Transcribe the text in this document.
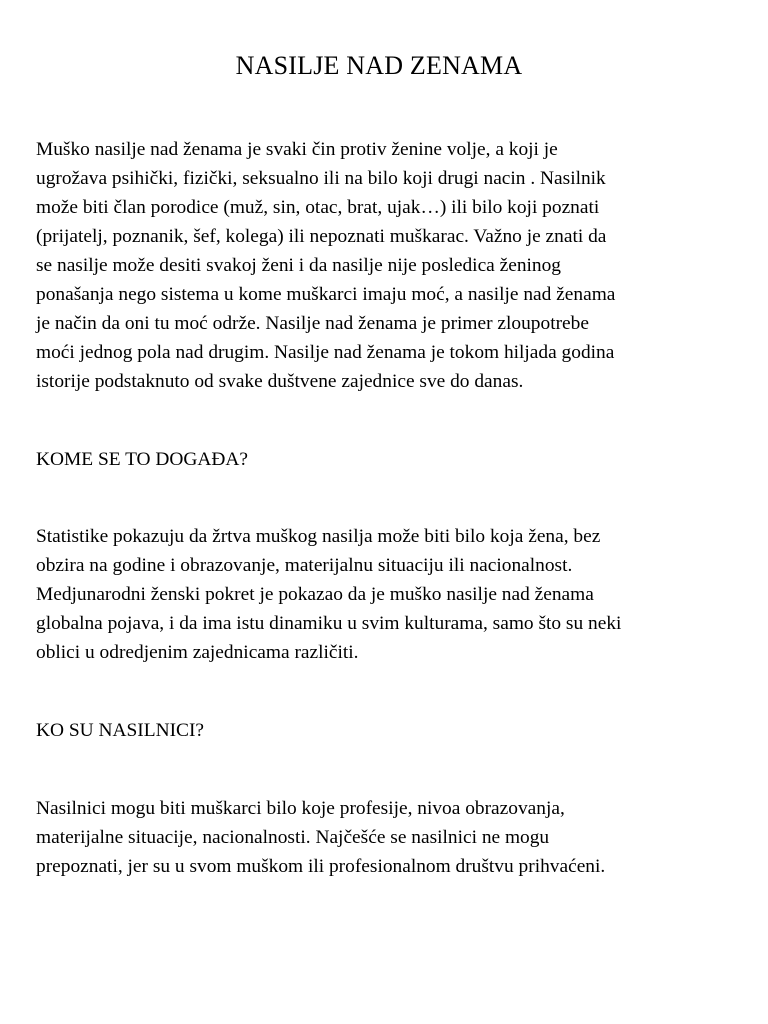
NASILJE NAD ZENAMA
Muško nasilje nad ženama je svaki čin protiv ženine volje, a koji je
ugrožava psihički, fizički, seksualno ili na bilo koji drugi nacin . Nasilnik
može biti član porodice (muž, sin, otac, brat, ujak…) ili bilo koji poznati
(prijatelj, poznanik, šef, kolega) ili nepoznati muškarac. Važno je znati da
se nasilje može desiti svakoj ženi i da nasilje nije posledica ženinog
ponašanja nego sistema u kome muškarci imaju moć, a nasilje nad ženama
je način da oni tu moć održe. Nasilje nad ženama je primer zloupotrebe
moći jednog pola nad drugim. Nasilje nad ženama je tokom hiljada godina
istorije podstaknuto od svake duštvene zajednice sve do danas.
KOME SE TO DOGAĐA?
Statistike pokazuju da žrtva muškog nasilja može biti bilo koja žena, bez
obzira na godine i obrazovanje, materijalnu situaciju ili nacionalnost.
Medjunarodni ženski pokret je pokazao da je muško nasilje nad ženama
globalna pojava, i da ima istu dinamiku u svim kulturama, samo što su neki
oblici u odredjenim zajednicama različiti.
KO SU NASILNICI?
Nasilnici mogu biti muškarci bilo koje profesije, nivoa obrazovanja,
materijalne situacije, nacionalnosti. Najčešće se nasilnici ne mogu
prepoznati, jer su u svom muškom ili profesionalnom društvu prihvaćeni.
